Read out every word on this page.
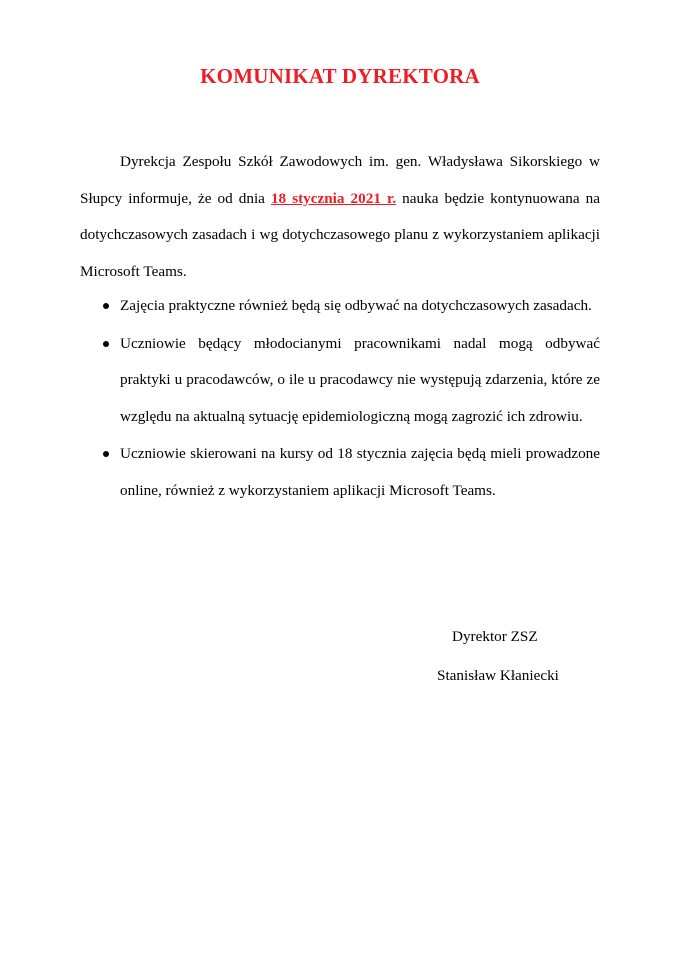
KOMUNIKAT DYREKTORA

Dyrekcja Zespołu Szkół Zawodowych im. gen. Władysława Sikorskiego w Słupcy informuje, że od dnia 18 stycznia 2021 r. nauka będzie kontynuowana na dotychczasowych zasadach i wg dotychczasowego planu z wykorzystaniem aplikacji Microsoft Teams.

Zajęcia praktyczne również będą się odbywać na dotychczasowych zasadach.
Uczniowie będący młodocianymi pracownikami nadal mogą odbywać praktyki u pracodawców, o ile u pracodawcy nie występują zdarzenia, które ze względu na aktualną sytuację epidemiologiczną mogą zagrozić ich zdrowiu.
Uczniowie skierowani na kursy od 18 stycznia zajęcia będą mieli prowadzone online, również z wykorzystaniem aplikacji Microsoft Teams.
Dyrektor ZSZ
Stanisław Kłaniecki
